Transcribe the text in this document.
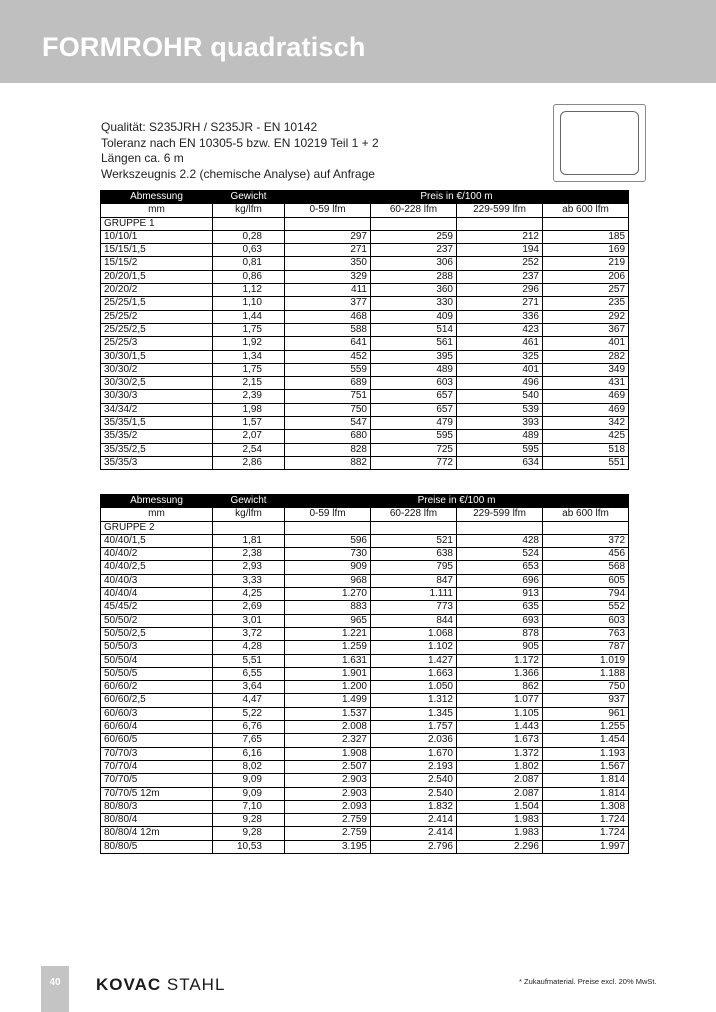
FORMROHR quadratisch
Qualität: S235JRH / S235JR - EN 10142
Toleranz nach EN 10305-5 bzw. EN 10219 Teil 1 + 2
Längen ca. 6 m
Werkszeugnis 2.2 (chemische Analyse) auf Anfrage
Abmessung	Gewicht	Preis in €/100 m			
mm	kg/lfm	0-59 lfm	60-228 lfm	229-599 lfm	ab 600 lfm
GRUPPE 1					
10/10/1	0,28	297	259	212	185
15/15/1,5	0,63	271	237	194	169
15/15/2	0,81	350	306	252	219
20/20/1,5	0,86	329	288	237	206
20/20/2	1,12	411	360	296	257
25/25/1,5	1,10	377	330	271	235
25/25/2	1,44	468	409	336	292
25/25/2,5	1,75	588	514	423	367
25/25/3	1,92	641	561	461	401
30/30/1,5	1,34	452	395	325	282
30/30/2	1,75	559	489	401	349
30/30/2,5	2,15	689	603	496	431
30/30/3	2,39	751	657	540	469
34/34/2	1,98	750	657	539	469
35/35/1,5	1,57	547	479	393	342
35/35/2	2,07	680	595	489	425
35/35/2,5	2,54	828	725	595	518
35/35/3	2,86	882	772	634	551
Abmessung	Gewicht	Preise in €/100 m			
mm	kg/lfm	0-59 lfm	60-228 lfm	229-599 lfm	ab 600 lfm
GRUPPE 2					
40/40/1,5	1,81	596	521	428	372
40/40/2	2,38	730	638	524	456
40/40/2,5	2,93	909	795	653	568
40/40/3	3,33	968	847	696	605
40/40/4	4,25	1.270	1.111	913	794
45/45/2	2,69	883	773	635	552
50/50/2	3,01	965	844	693	603
50/50/2,5	3,72	1.221	1.068	878	763
50/50/3	4,28	1.259	1.102	905	787
50/50/4	5,51	1.631	1.427	1.172	1.019
50/50/5	6,55	1.901	1.663	1.366	1.188
60/60/2	3,64	1.200	1.050	862	750
60/60/2,5	4,47	1.499	1.312	1.077	937
60/60/3	5,22	1.537	1.345	1.105	961
60/60/4	6,76	2.008	1.757	1.443	1.255
60/60/5	7,65	2.327	2.036	1.673	1.454
70/70/3	6,16	1.908	1.670	1.372	1.193
70/70/4	8,02	2.507	2.193	1.802	1.567
70/70/5	9,09	2.903	2.540	2.087	1.814
70/70/5 12m	9,09	2.903	2.540	2.087	1.814
80/80/3	7,10	2.093	1.832	1.504	1.308
80/80/4	9,28	2.759	2.414	1.983	1.724
80/80/4 12m	9,28	2.759	2.414	1.983	1.724
80/80/5	10,53	3.195	2.796	2.296	1.997
40	KOVAC STAHL	* Zukaufmaterial. Preise excl. 20% MwSt.
